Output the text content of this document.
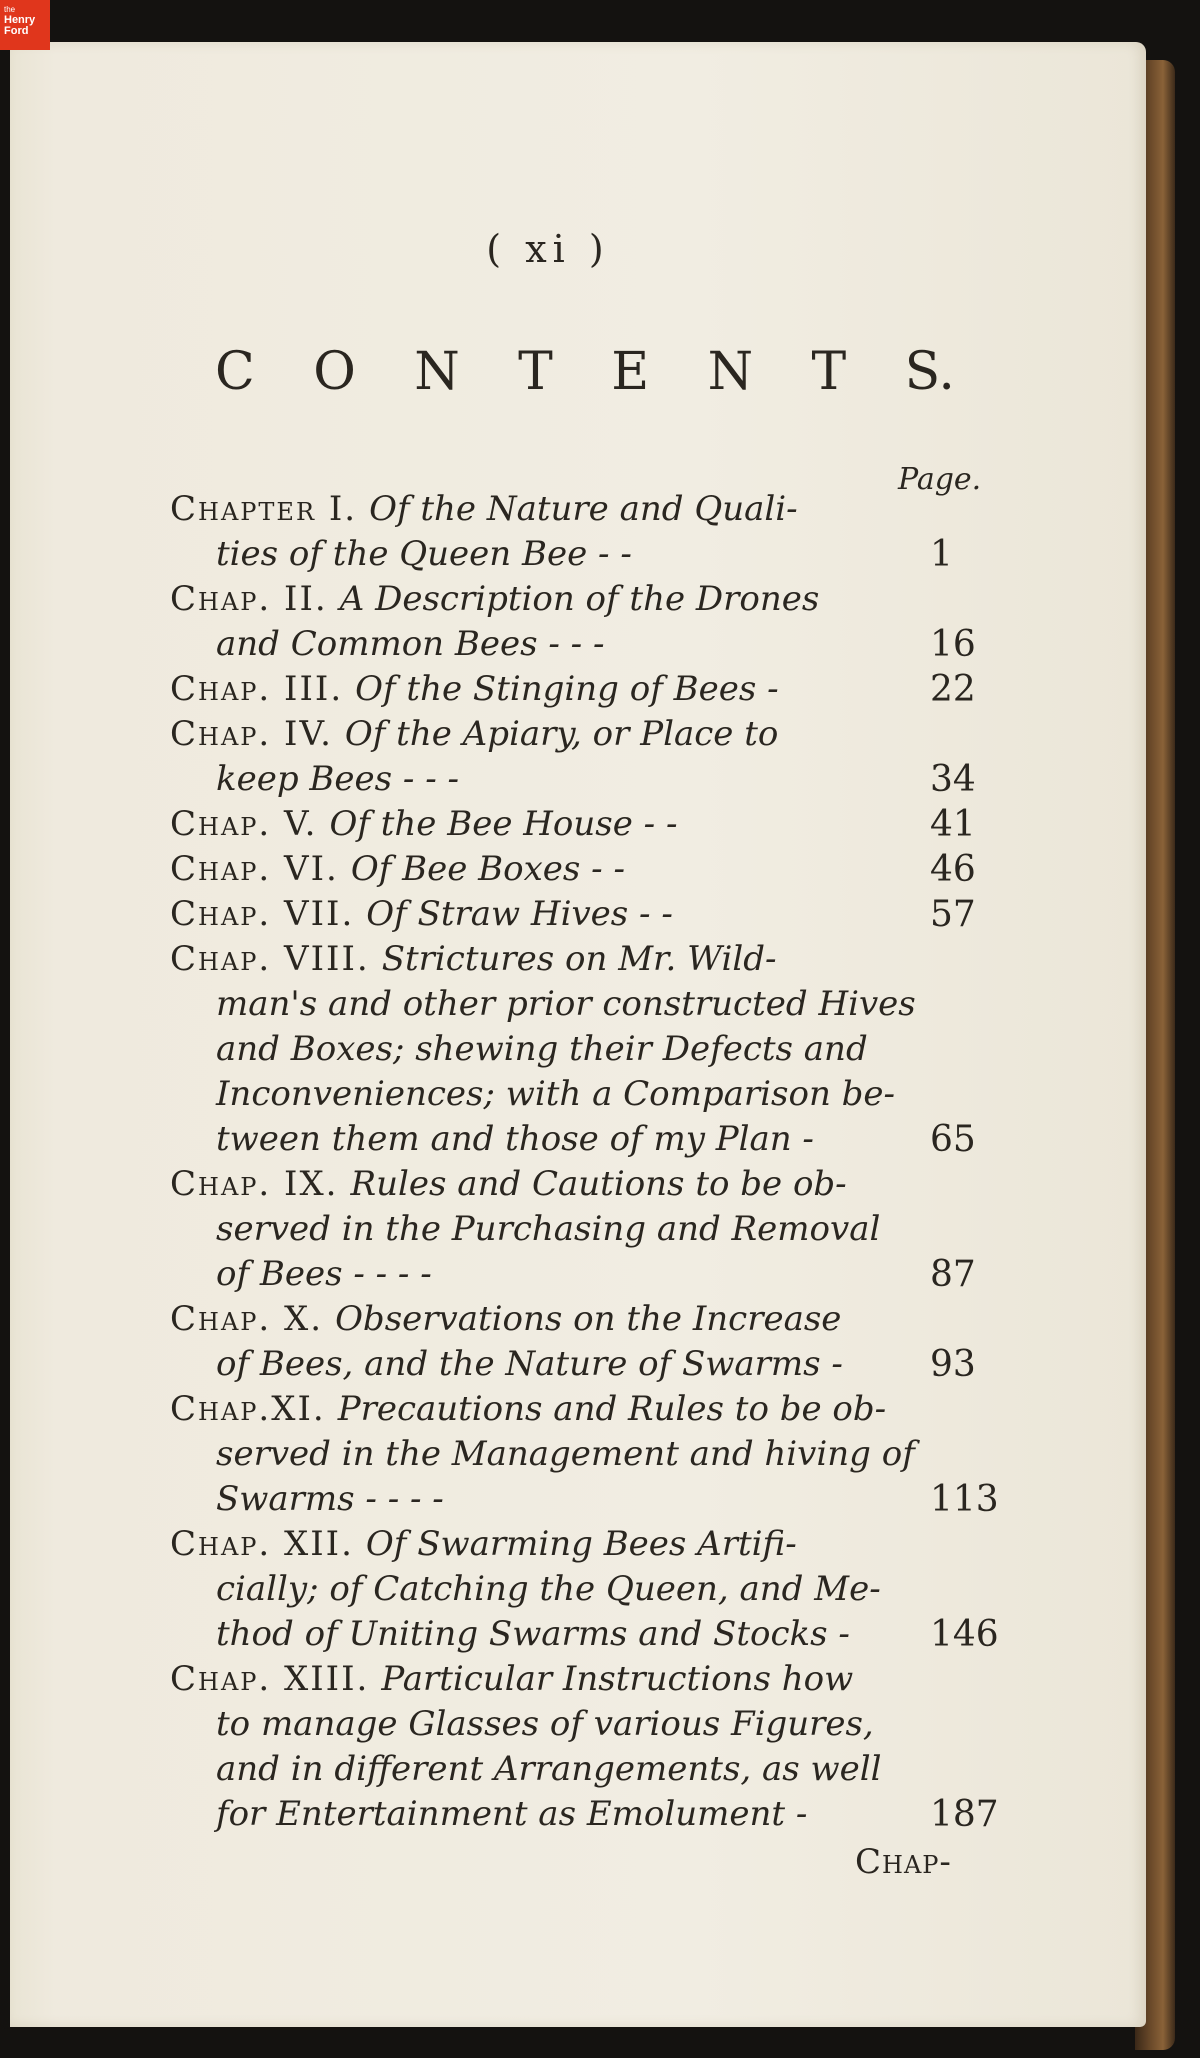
the
Henry
Ford
( xi )
C O N T E N T S.
Page.
Chapter I. Of the Nature and Quali-
ties of the Queen Bee - -	1
Chap. II. A Description of the Drones
and Common Bees - - -	16
Chap. III. Of the Stinging of Bees -	22
Chap. IV. Of the Apiary, or Place to
keep Bees - - -	34
Chap. V. Of the Bee House - -	41
Chap. VI. Of Bee Boxes - -	46
Chap. VII. Of Straw Hives - -	57
Chap. VIII. Strictures on Mr. Wild-
man's and other prior constructed Hives
and Boxes; shewing their Defects and
Inconveniences; with a Comparison be-
tween them and those of my Plan -	65
Chap. IX. Rules and Cautions to be ob-
served in the Purchasing and Removal
of Bees - - - -	87
Chap. X. Observations on the Increase
of Bees, and the Nature of Swarms - 93
Chap.XI. Precautions and Rules to be ob-
served in the Management and hiving of
Swarms - - - -	113
Chap. XII. Of Swarming Bees Artifi-
cially; of Catching the Queen, and Me-
thod of Uniting Swarms and Stocks - 146
Chap. XIII. Particular Instructions how
to manage Glasses of various Figures,
and in different Arrangements, as well
for Entertainment as Emolument -	187
Chap-
